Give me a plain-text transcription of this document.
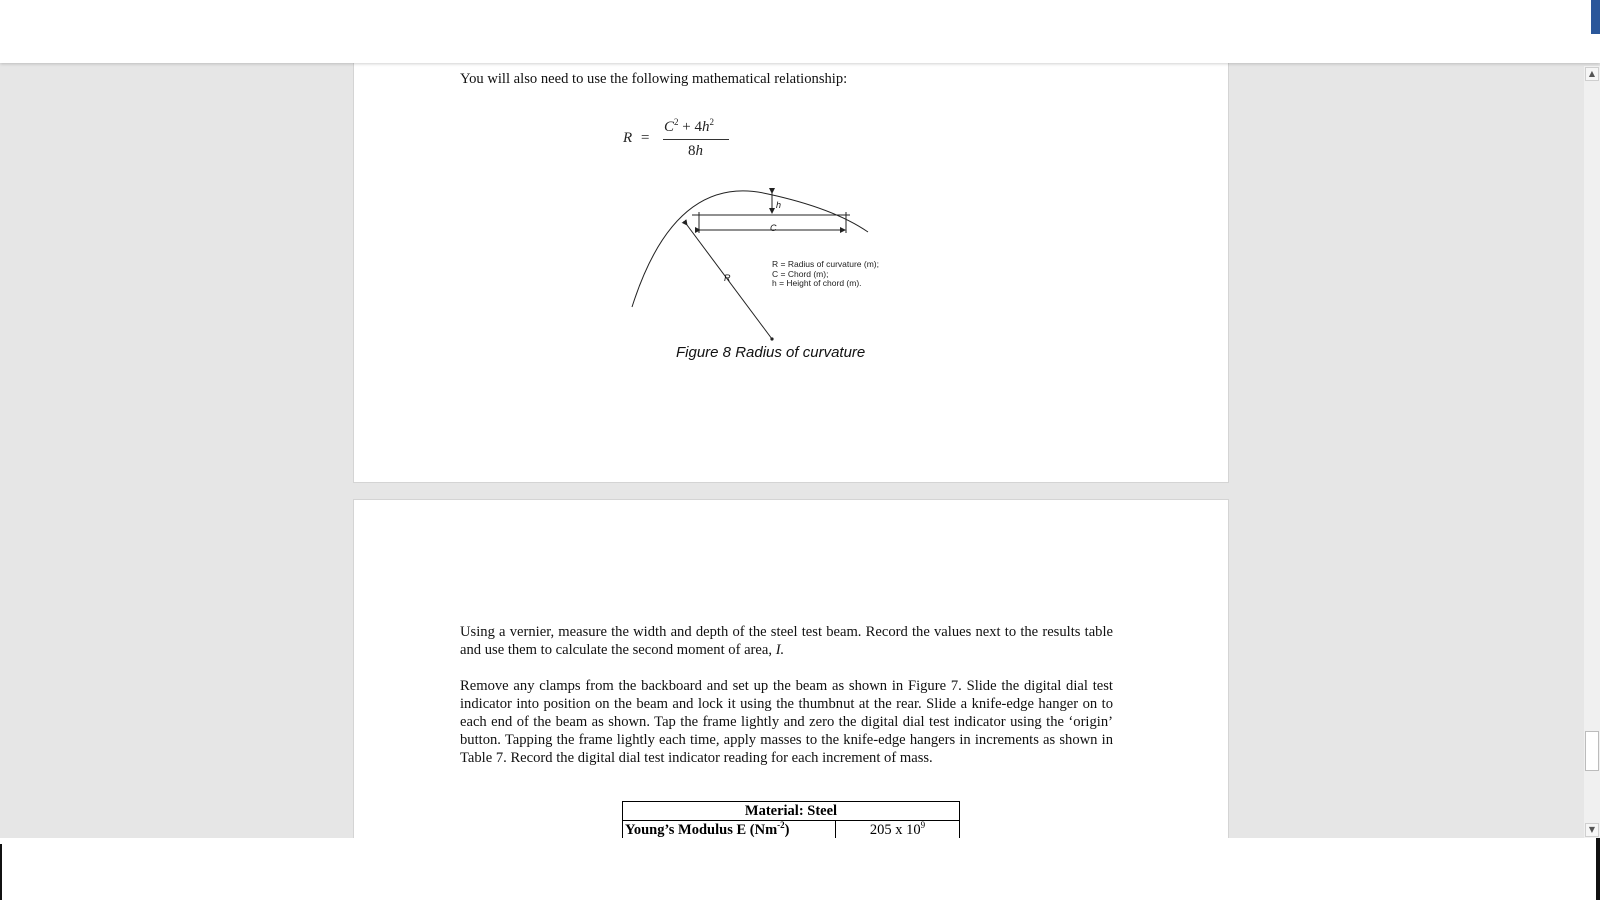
You will also need to use the following mathematical relationship:

R =
$C^2 + 4h^2$
8h
h
C
R
R = Radius of curvature (m);
C = Chord (m);
h = Height of chord (m).
Figure 8 Radius of curvature

Using a vernier, measure the width and depth of the steel test beam. Record the values next to the results table

and use them to calculate the second moment of area, I.

Remove any clamps from the backboard and set up the beam as shown in Figure 7. Slide the digital dial test indicator into position on the beam and lock it using the thumbnut at the rear. Slide a knife-edge hanger on to each end of the beam as shown. Tap the frame lightly and zero the digital dial test indicator using the ‘origin’ button. Tapping the frame lightly each time, apply masses to the knife-edge hangers in increments as shown in Table 7. Record the digital dial test indicator reading for each increment of mass.

Material: Steel
Young’s Modulus E $(Nm^{-2})$	205 x $10^9$
▲
▼
